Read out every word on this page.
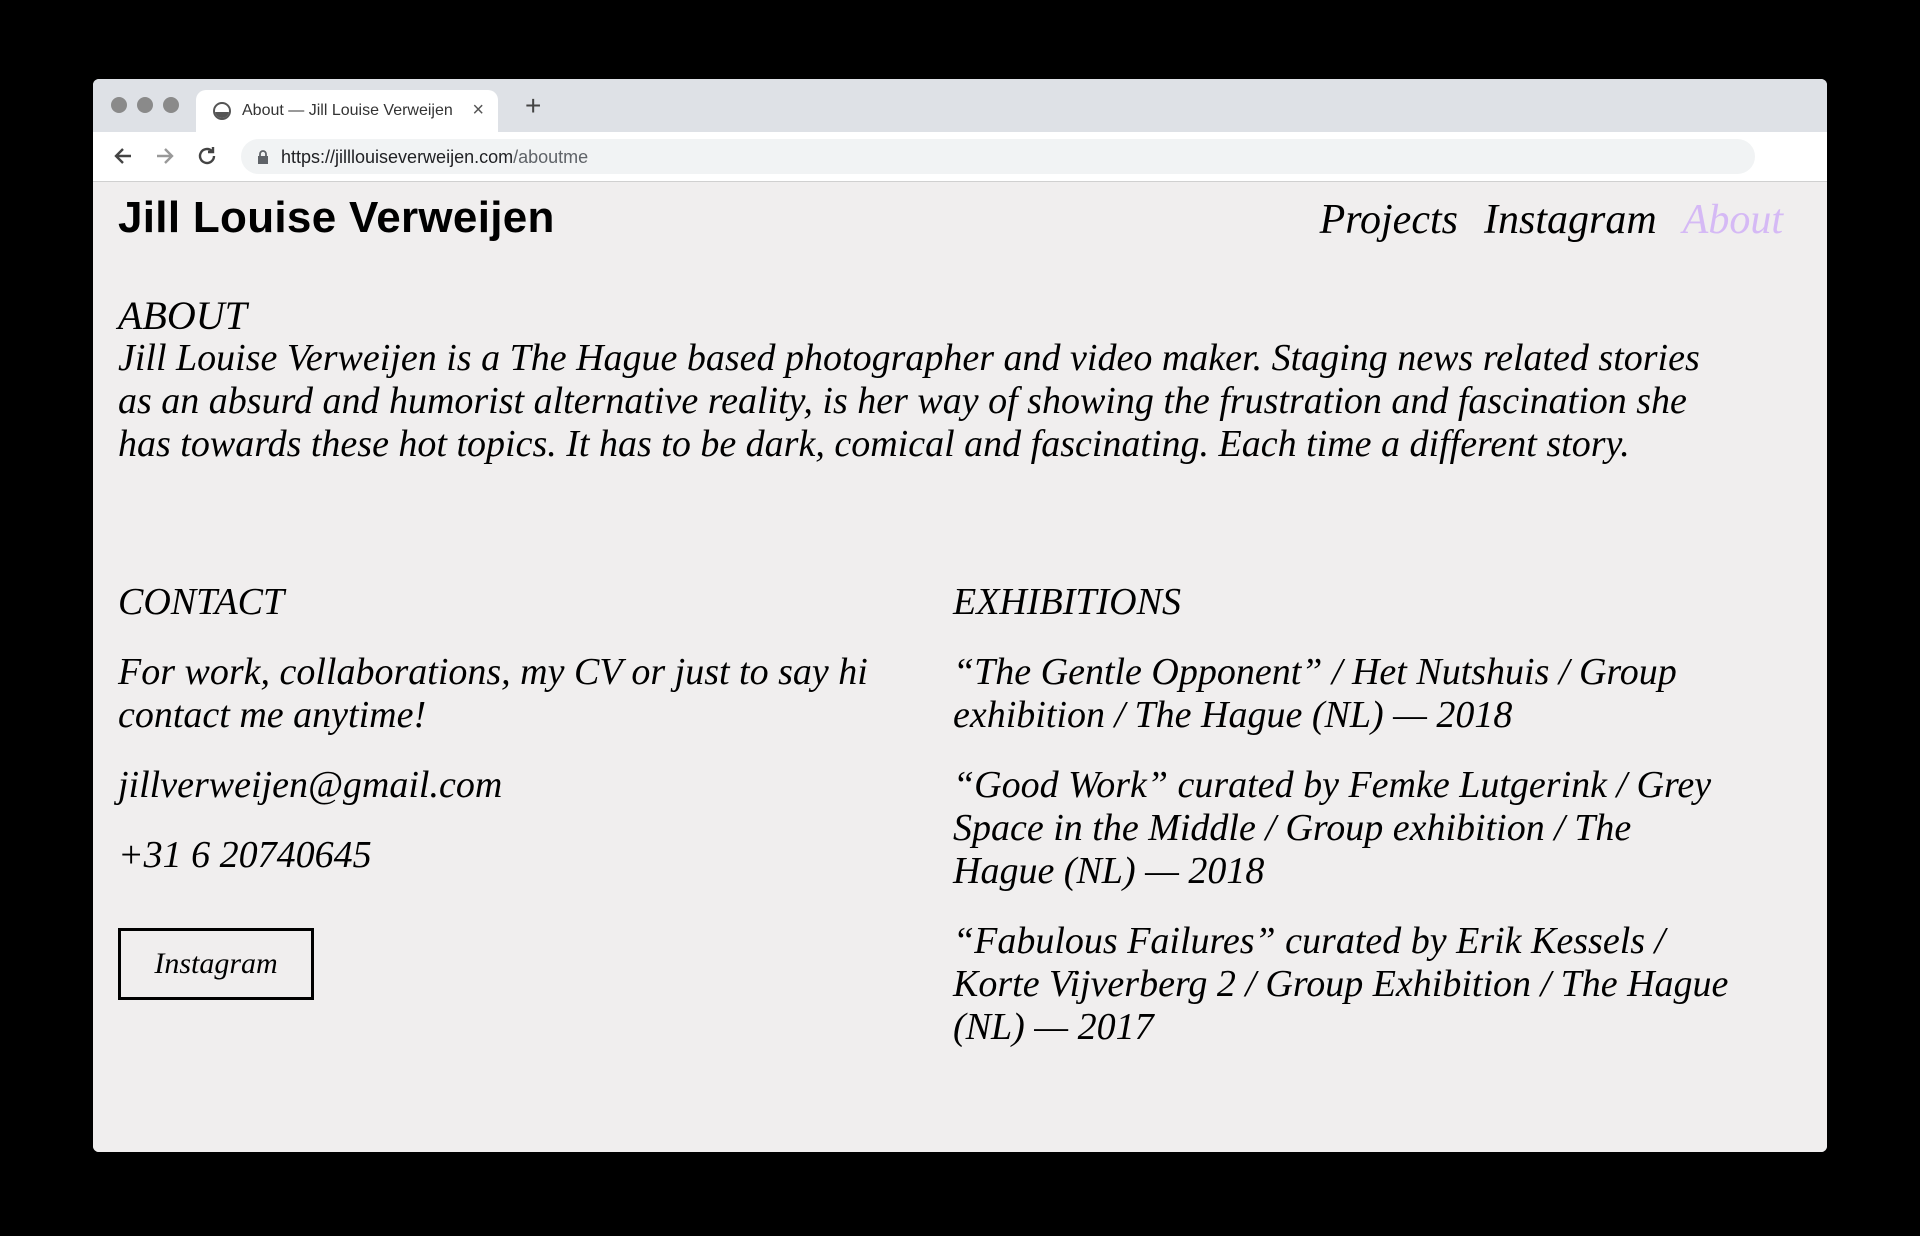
About — Jill Louise Verweijen × +
https://jilllouiseverweijen.com/aboutme
Jill Louise Verweijen	Projects Instagram About
ABOUT

Jill Louise Verweijen is a The Hague based photographer and video maker. Staging news related stories as an absurd and humorist alternative reality, is her way of showing the frustration and fascination she has towards these hot topics. It has to be dark, comical and fascinating. Each time a different story.

CONTACT

For work, collaborations, my CV or just to say hi contact me anytime!

jillverweijen@gmail.com

+31 6 20740645

Instagram
EXHIBITIONS

“The Gentle Opponent” / Het Nutshuis / Group exhibition / The Hague (NL) — 2018

“Good Work” curated by Femke Lutgerink / Grey Space in the Middle / Group exhibition / The Hague (NL) — 2018

“Fabulous Failures” curated by Erik Kessels / Korte Vijverberg 2 / Group Exhibition / The Hague (NL) — 2017
